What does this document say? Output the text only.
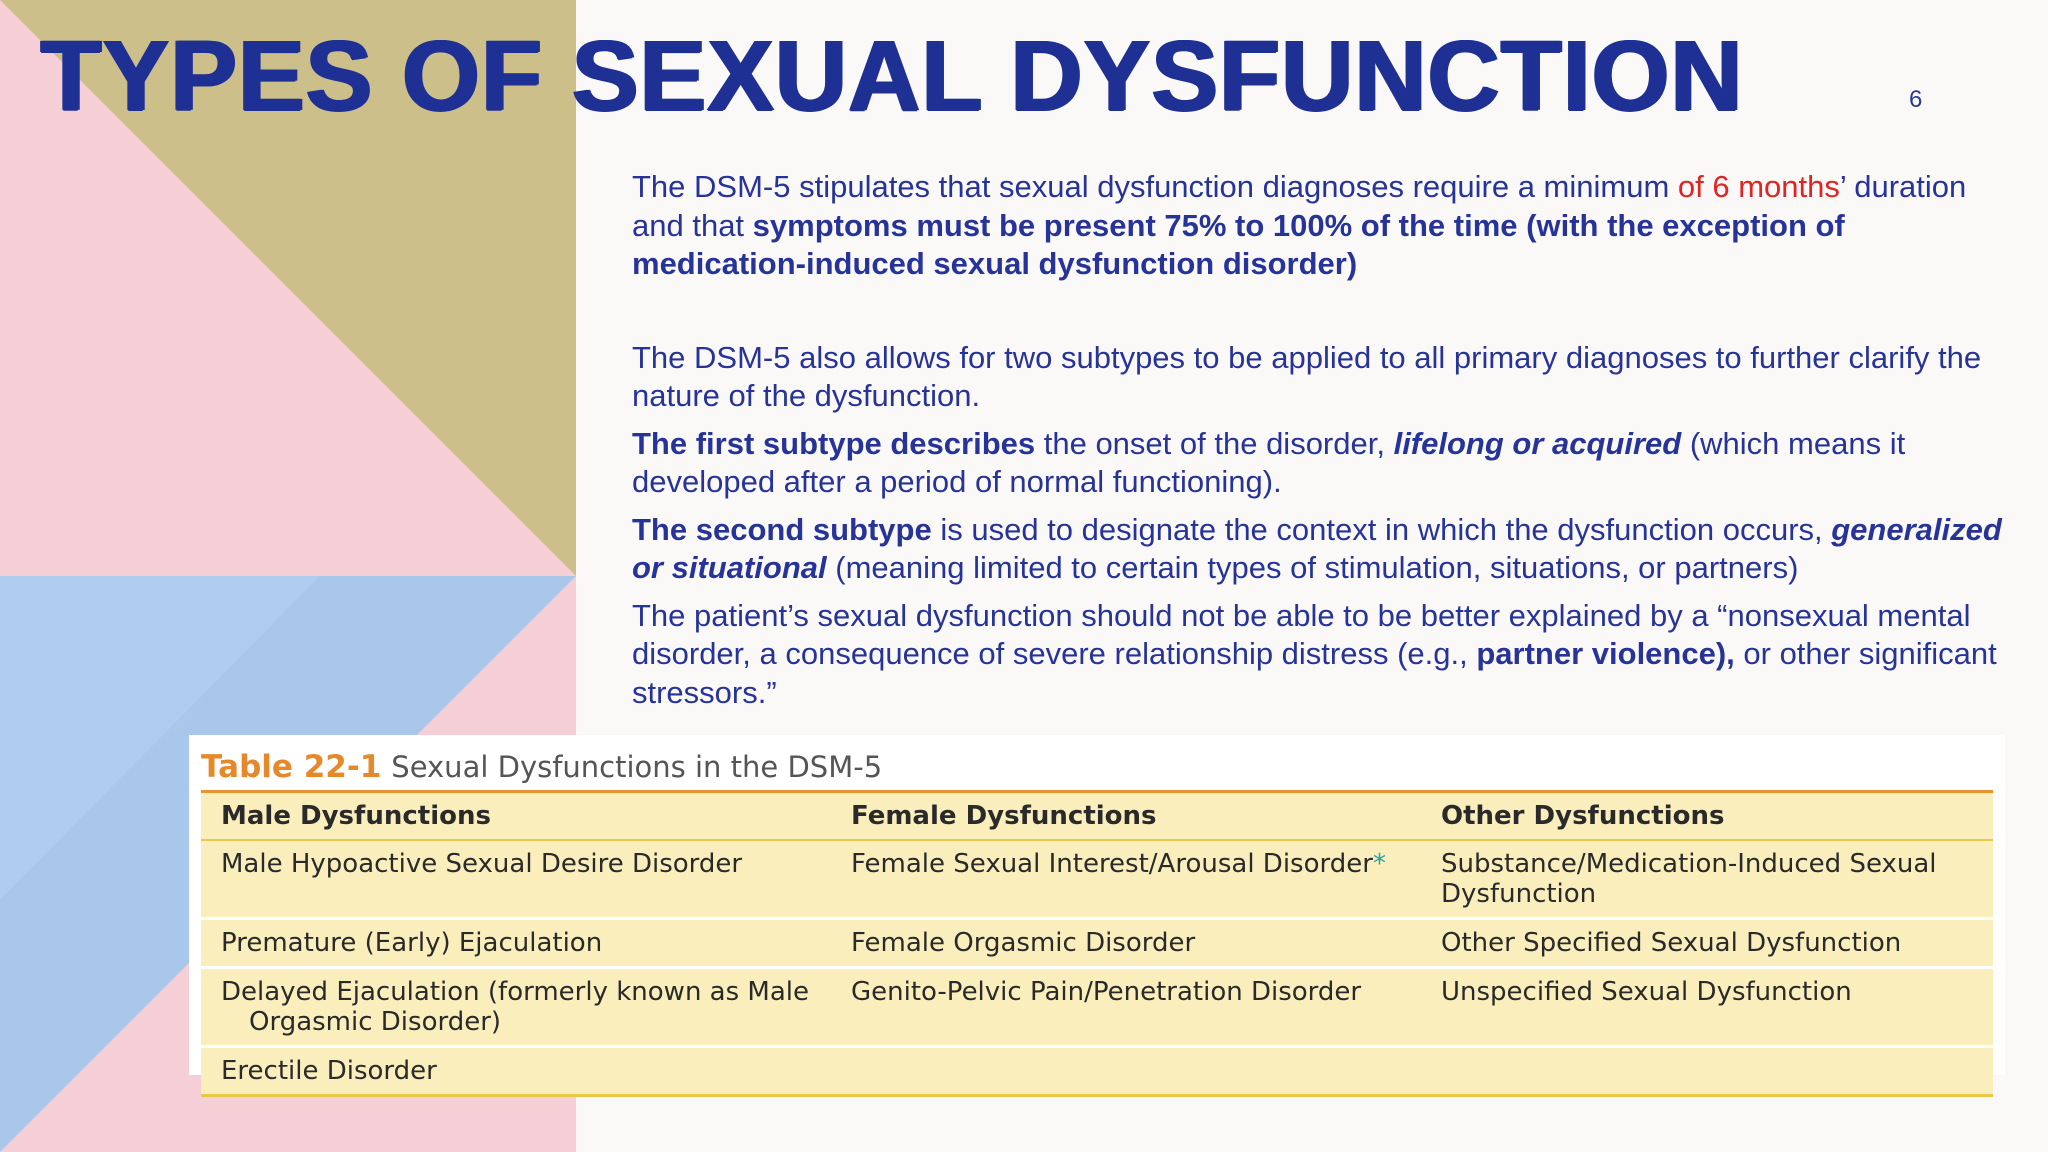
TYPES OF SEXUAL DYSFUNCTION	6

The DSM-5 stipulates that sexual dysfunction diagnoses require a minimum of 6 months’ duration and that symptoms must be present 75% to 100% of the time (with the exception of medication-induced sexual dysfunction disorder)

The DSM-5 also allows for two subtypes to be applied to all primary diagnoses to further clarify the nature of the dysfunction.

The first subtype describes the onset of the disorder, lifelong or acquired (which means it developed after a period of normal functioning).

The second subtype is used to designate the context in which the dysfunction occurs, generalized or situational (meaning limited to certain types of stimulation, situations, or partners)

The patient’s sexual dysfunction should not be able to be better explained by a “nonsexual mental disorder, a consequence of severe relationship distress (e.g., partner violence), or other significant stressors.”

Table 22-1 Sexual Dysfunctions in the DSM-5
Male Dysfunctions	Female Dysfunctions	Other Dysfunctions
Male Hypoactive Sexual Desire Disorder	Female Sexual Interest/Arousal Disorder*	Substance/Medication-Induced Sexual Dysfunction
Premature (Early) Ejaculation	Female Orgasmic Disorder	Other Specified Sexual Dysfunction
Delayed Ejaculation (formerly known as Male
Orgasmic Disorder)	Genito-Pelvic Pain/Penetration Disorder	Unspecified Sexual Dysfunction
Erectile Disorder		
